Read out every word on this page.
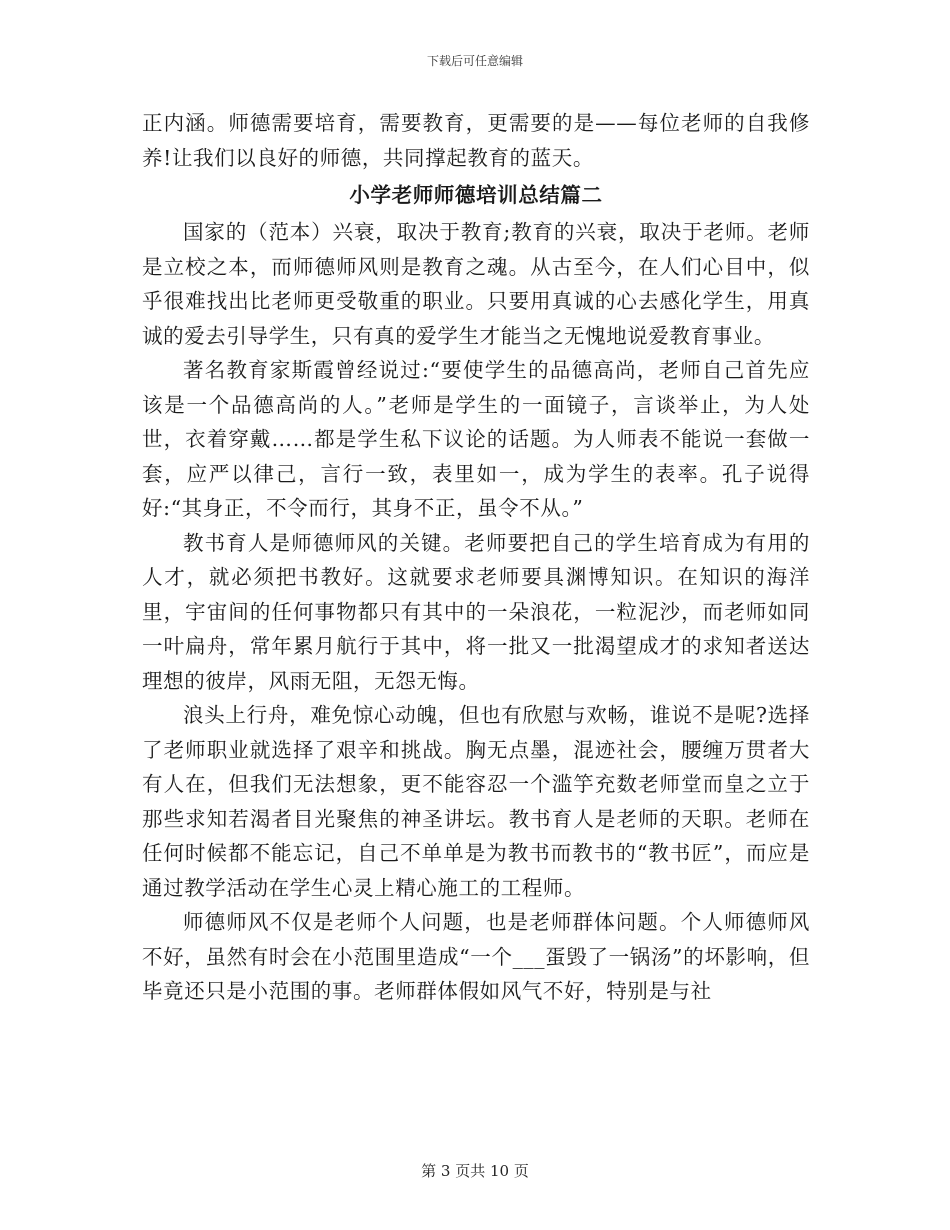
下载后可任意编辑

正内涵。师德需要培育，需要教育，更需要的是——每位老师的自我修养!让我们以良好的师德，共同撑起教育的蓝天。

小学老师师德培训总结篇二

国家的（范本）兴衰，取决于教育;教育的兴衰，取决于老师。老师是立校之本，而师德师风则是教育之魂。从古至今，在人们心目中，似乎很难找出比老师更受敬重的职业。只要用真诚的心去感化学生，用真诚的爱去引导学生，只有真的爱学生才能当之无愧地说爱教育事业。

著名教育家斯霞曾经说过:“要使学生的品德高尚，老师自己首先应该是一个品德高尚的人。”老师是学生的一面镜子，言谈举止，为人处世，衣着穿戴……都是学生私下议论的话题。为人师表不能说一套做一套，应严以律己，言行一致，表里如一，成为学生的表率。孔子说得好:“其身正，不令而行，其身不正，虽令不从。”

教书育人是师德师风的关键。老师要把自己的学生培育成为有用的人才，就必须把书教好。这就要求老师要具渊博知识。在知识的海洋里，宇宙间的任何事物都只有其中的一朵浪花，一粒泥沙，而老师如同一叶扁舟，常年累月航行于其中，将一批又一批渴望成才的求知者送达理想的彼岸，风雨无阻，无怨无悔。

浪头上行舟，难免惊心动魄，但也有欣慰与欢畅，谁说不是呢?选择了老师职业就选择了艰辛和挑战。胸无点墨，混迹社会，腰缠万贯者大有人在，但我们无法想象，更不能容忍一个滥竽充数老师堂而皇之立于那些求知若渴者目光聚焦的神圣讲坛。教书育人是老师的天职。老师在任何时候都不能忘记，自己不单单是为教书而教书的“教书匠”，而应是通过教学活动在学生心灵上精心施工的工程师。

师德师风不仅是老师个人问题，也是老师群体问题。个人师德师风不好，虽然有时会在小范围里造成“一个___蛋毁了一锅汤”的坏影响，但毕竟还只是小范围的事。老师群体假如风气不好，特别是与社

第 3 页共 10 页
